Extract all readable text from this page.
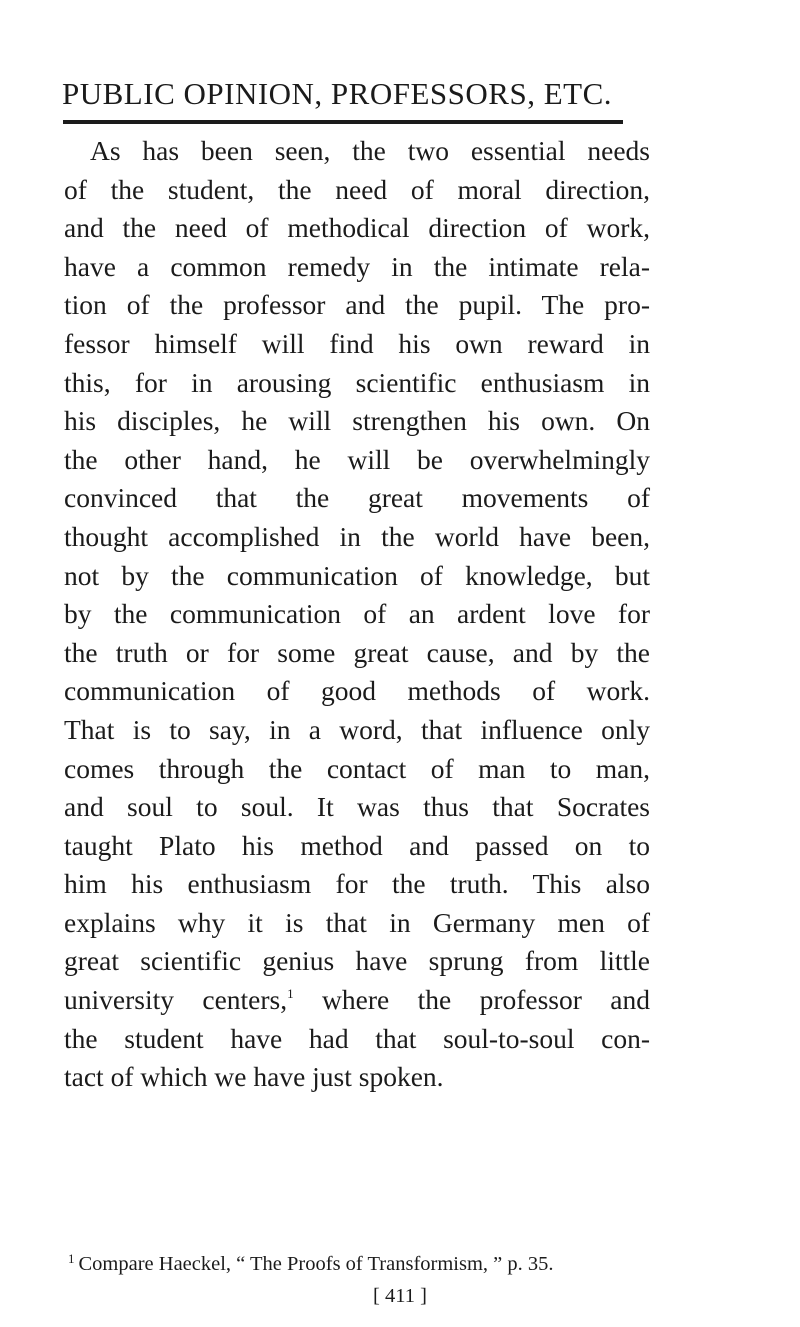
PUBLIC OPINION, PROFESSORS, ETC.
As has been seen, the two essential needs
of the student, the need of moral direction,
and the need of methodical direction of work,
have a common remedy in the intimate rela-
tion of the professor and the pupil. The pro-
fessor himself will find his own reward in
this, for in arousing scientific enthusiasm in
his disciples, he will strengthen his own. On
the other hand, he will be overwhelmingly
convinced that the great movements of
thought accomplished in the world have been,
not by the communication of knowledge, but
by the communication of an ardent love for
the truth or for some great cause, and by the
communication of good methods of work.
That is to say, in a word, that influence only
comes through the contact of man to man,
and soul to soul. It was thus that Socrates
taught Plato his method and passed on to
him his enthusiasm for the truth. This also
explains why it is that in Germany men of
great scientific genius have sprung from little
university centers,$^1$ where the professor and
the student have had that soul-to-soul con-
tact of which we have just spoken.
$^1$ Compare Haeckel, “ The Proofs of Transformism, ” p. 35.
[ 411 ]
